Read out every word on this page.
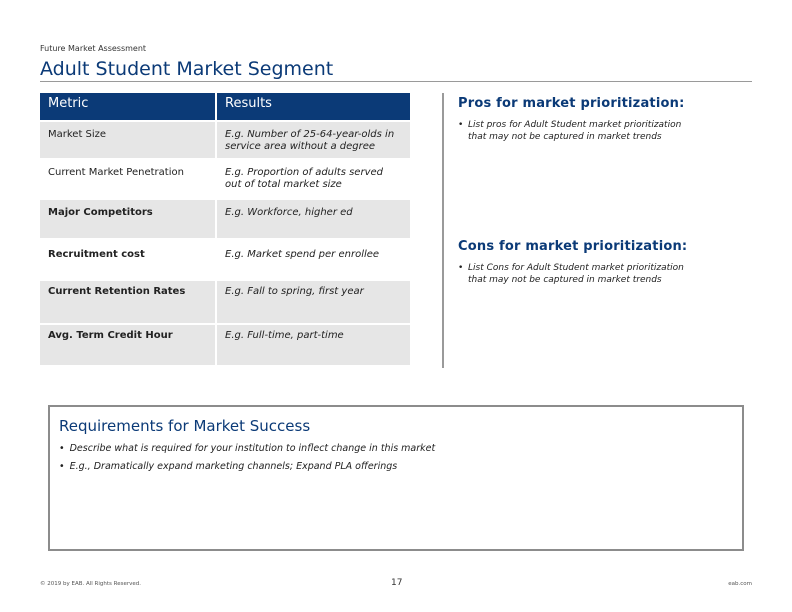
Future Market Assessment
Adult Student Market Segment
Metric	Results
Market Size	E.g. Number of 25-64-year-olds in service area without a degree
Current Market Penetration	E.g. Proportion of adults served out of total market size
Major Competitors	E.g. Workforce, higher ed
Recruitment cost	E.g. Market spend per enrollee
Current Retention Rates	E.g. Fall to spring, first year
Avg. Term Credit Hour	E.g. Full-time, part-time
Pros for market prioritization:
• List pros for Adult Student market prioritization that may not be captured in market trends
Cons for market prioritization:
• List Cons for Adult Student market prioritization that may not be captured in market trends
Requirements for Market Success
• Describe what is required for your institution to inflect change in this market
• E.g., Dramatically expand marketing channels; Expand PLA offerings
© 2019 by EAB. All Rights Reserved.	17	eab.com
